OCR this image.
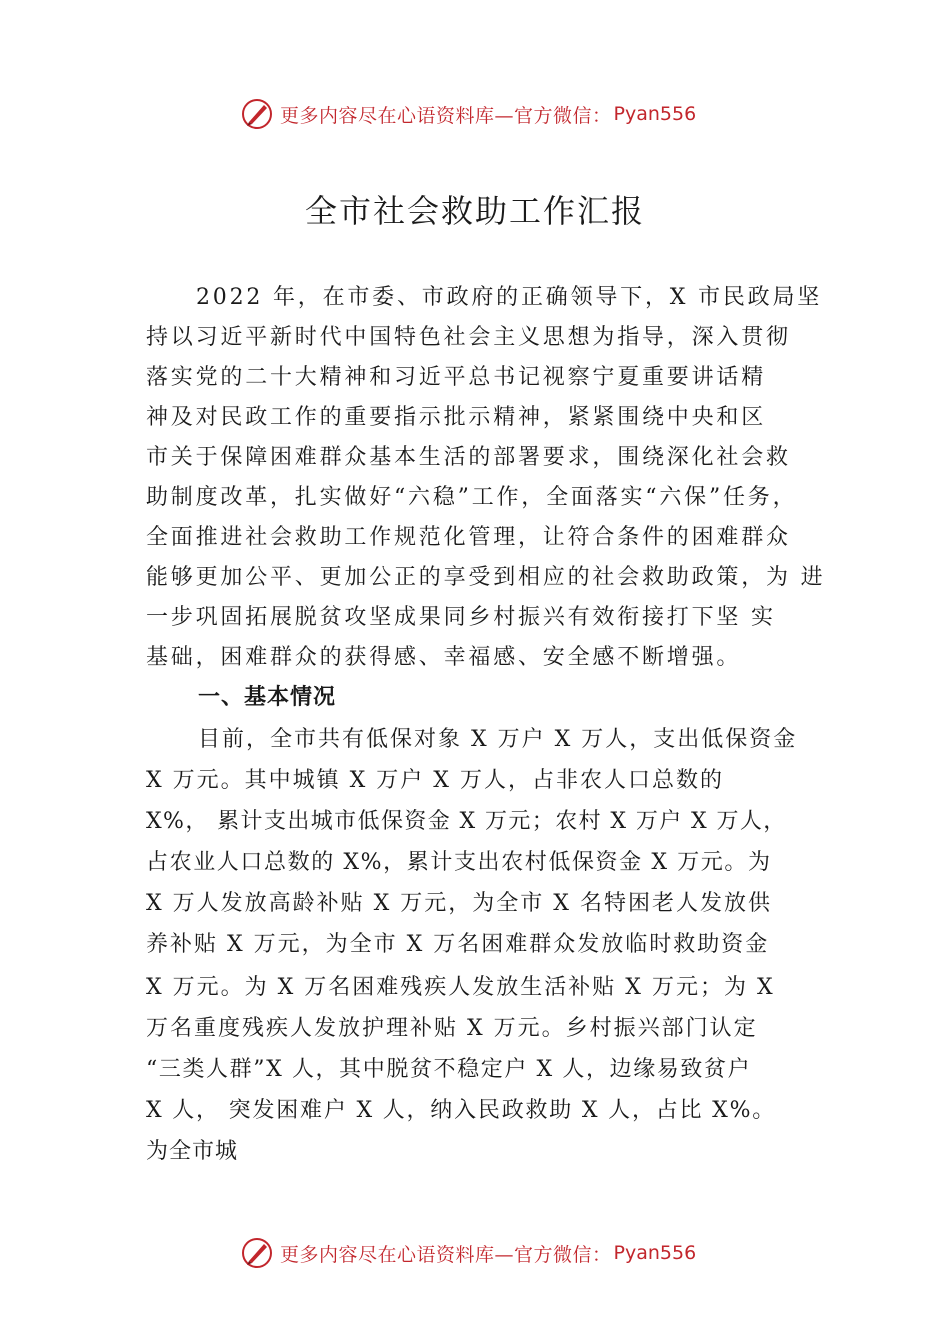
更多内容尽在心语资料库—官方微信： Pyan556
全市社会救助工作汇报
2022 年，在市委、市政府的正确领导下，X 市民政局坚
持以习近平新时代中国特色社会主义思想为指导，深入贯彻
落实党的二十大精神和习近平总书记视察宁夏重要讲话精
神及对民政工作的重要指示批示精神，紧紧围绕中央和区
市关于保障困难群众基本生活的部署要求，围绕深化社会救
助制度改革，扎实做好“六稳”工作，全面落实“六保”任务，
全面推进社会救助工作规范化管理，让符合条件的困难群众
能够更加公平、更加公正的享受到相应的社会救助政策，为 进
一步巩固拓展脱贫攻坚成果同乡村振兴有效衔接打下坚 实
基础，困难群众的获得感、幸福感、安全感不断增强。
一、基本情况
目前，全市共有低保对象 X 万户 X 万人，支出低保资金
X 万元。其中城镇 X 万户 X 万人，占非农人口总数的
X%， 累计支出城市低保资金 X 万元；农村 X 万户 X 万人，
占农业人口总数的 X%，累计支出农村低保资金 X 万元。为
X 万人发放高龄补贴 X 万元，为全市 X 名特困老人发放供
养补贴 X 万元，为全市 X 万名困难群众发放临时救助资金
X 万元。为 X 万名困难残疾人发放生活补贴 X 万元；为 X
万名重度残疾人发放护理补贴 X 万元。乡村振兴部门认定
“三类人群”X 人，其中脱贫不稳定户 X 人，边缘易致贫户
X 人， 突发困难户 X 人，纳入民政救助 X 人，占比 X%。
为全市城
更多内容尽在心语资料库—官方微信： Pyan556
